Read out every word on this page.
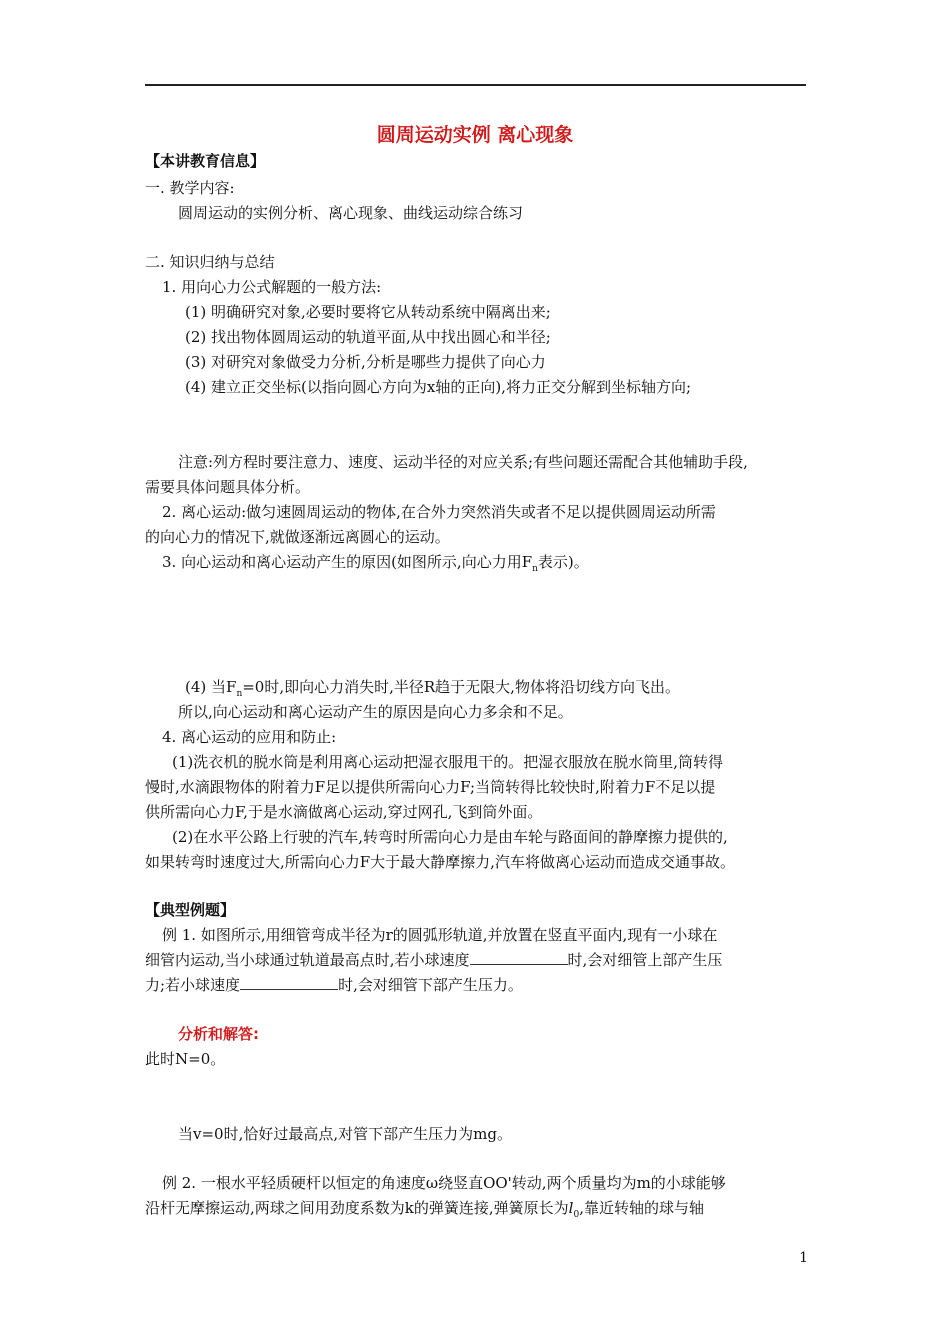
圆周运动实例 离心现象
【本讲教育信息】
一. 教学内容:
圆周运动的实例分析、离心现象、曲线运动综合练习
二. 知识归纳与总结
1. 用向心力公式解题的一般方法:
(1) 明确研究对象,必要时要将它从转动系统中隔离出来;
(2) 找出物体圆周运动的轨道平面,从中找出圆心和半径;
(3) 对研究对象做受力分析,分析是哪些力提供了向心力
(4) 建立正交坐标(以指向圆心方向为x轴的正向),将力正交分解到坐标轴方向;
注意:列方程时要注意力、速度、运动半径的对应关系;有些问题还需配合其他辅助手段,
需要具体问题具体分析。
2. 离心运动:做匀速圆周运动的物体,在合外力突然消失或者不足以提供圆周运动所需
的向心力的情况下,就做逐渐远离圆心的运动。
3. 向心运动和离心运动产生的原因(如图所示,向心力用$F_n$表示)。
(4) 当$F_n=0$时,即向心力消失时,半径R趋于无限大,物体将沿切线方向飞出。
所以,向心运动和离心运动产生的原因是向心力多余和不足。
4. 离心运动的应用和防止:
(1)洗衣机的脱水筒是利用离心运动把湿衣服甩干的。把湿衣服放在脱水筒里,筒转得
慢时,水滴跟物体的附着力F足以提供所需向心力F;当筒转得比较快时,附着力F不足以提
供所需向心力F,于是水滴做离心运动,穿过网孔,飞到筒外面。
(2)在水平公路上行驶的汽车,转弯时所需向心力是由车轮与路面间的静摩擦力提供的,
如果转弯时速度过大,所需向心力F大于最大静摩擦力,汽车将做离心运动而造成交通事故。
【典型例题】
例 1. 如图所示,用细管弯成半径为r的圆弧形轨道,并放置在竖直平面内,现有一小球在
细管内运动,当小球通过轨道最高点时,若小球速度	时,会对细管上部产生压
力;若小球速度	时,会对细管下部产生压力。
分析和解答:
此时N=0。
当v=0时,恰好过最高点,对管下部产生压力为mg。
例 2. 一根水平轻质硬杆以恒定的角速度ω绕竖直OO'转动,两个质量均为m的小球能够
沿杆无摩擦运动,两球之间用劲度系数为k的弹簧连接,弹簧原长为$l_0$,靠近转轴的球与轴
1
